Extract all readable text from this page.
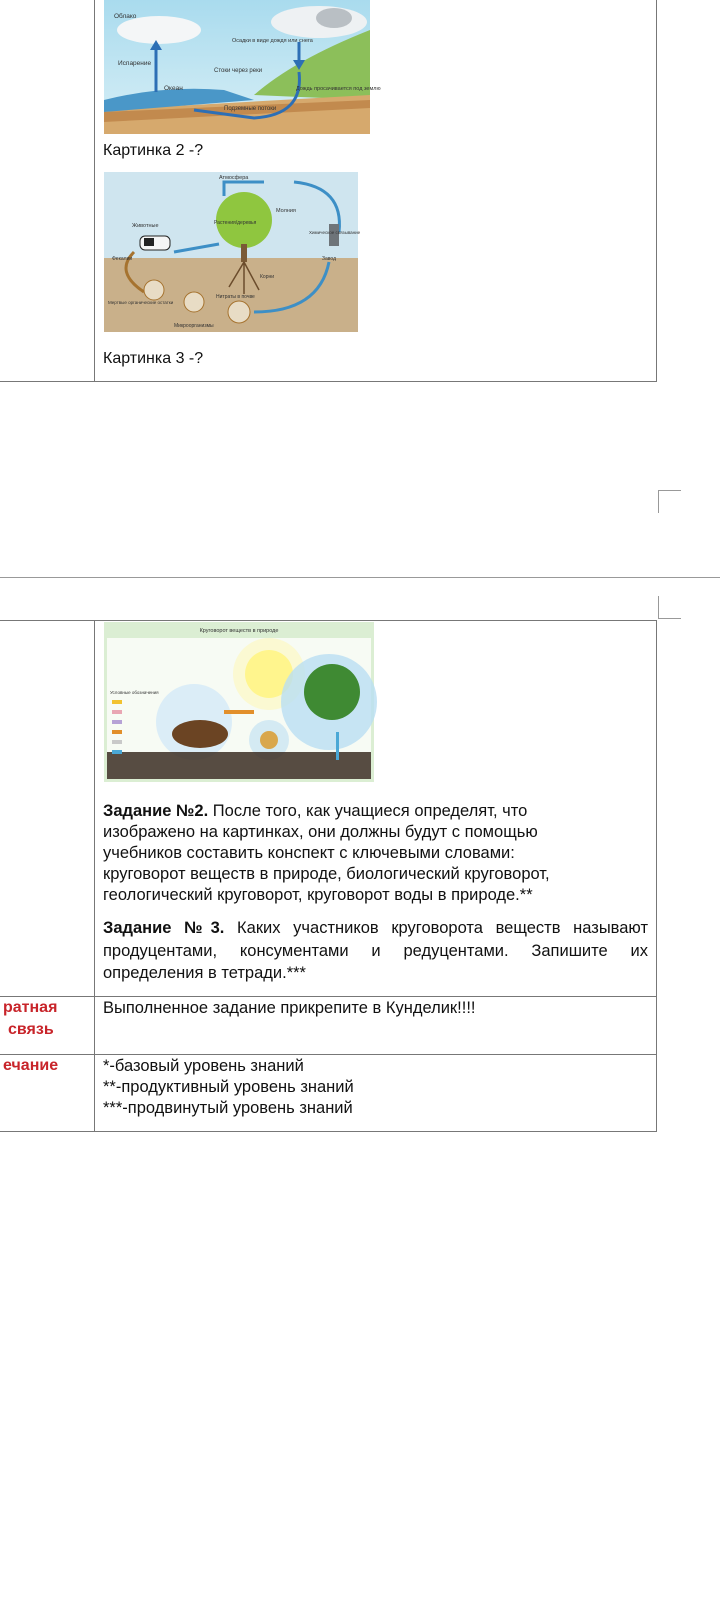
Облако
Испарение
Океан
Осадки в виде дождя или снега
Стоки через реки
Дождь просачивается под землю
Подземные потоки
Картинка 2 -?
Атмосфера
Животные	Растения/деревья
Молния
Химическое связывание
Завод
Корни
Фекалии
Мертвые органические остатки
Нитраты в почве
Микроорганизмы
Картинка 3 -?
Круговорот веществ в природе
Условные обозначения
Задание №2. После того, как учащиеся определят, что
изображено на картинках, они должны будут с помощью
учебников составить конспект с ключевыми словами:
круговорот веществ в природе, биологический круговорот,
геологический круговорот, круговорот воды в природе.**
Задание №3. Каких участников круговорота веществ называют продуцентами, консументами и редуцентами. Запишите их определения в тетради.***
ратная
связь
Выполненное задание прикрепите в Кунделик!!!!
ечание	*-базовый уровень знаний
**-продуктивный уровень знаний
***-продвинутый уровень знаний
